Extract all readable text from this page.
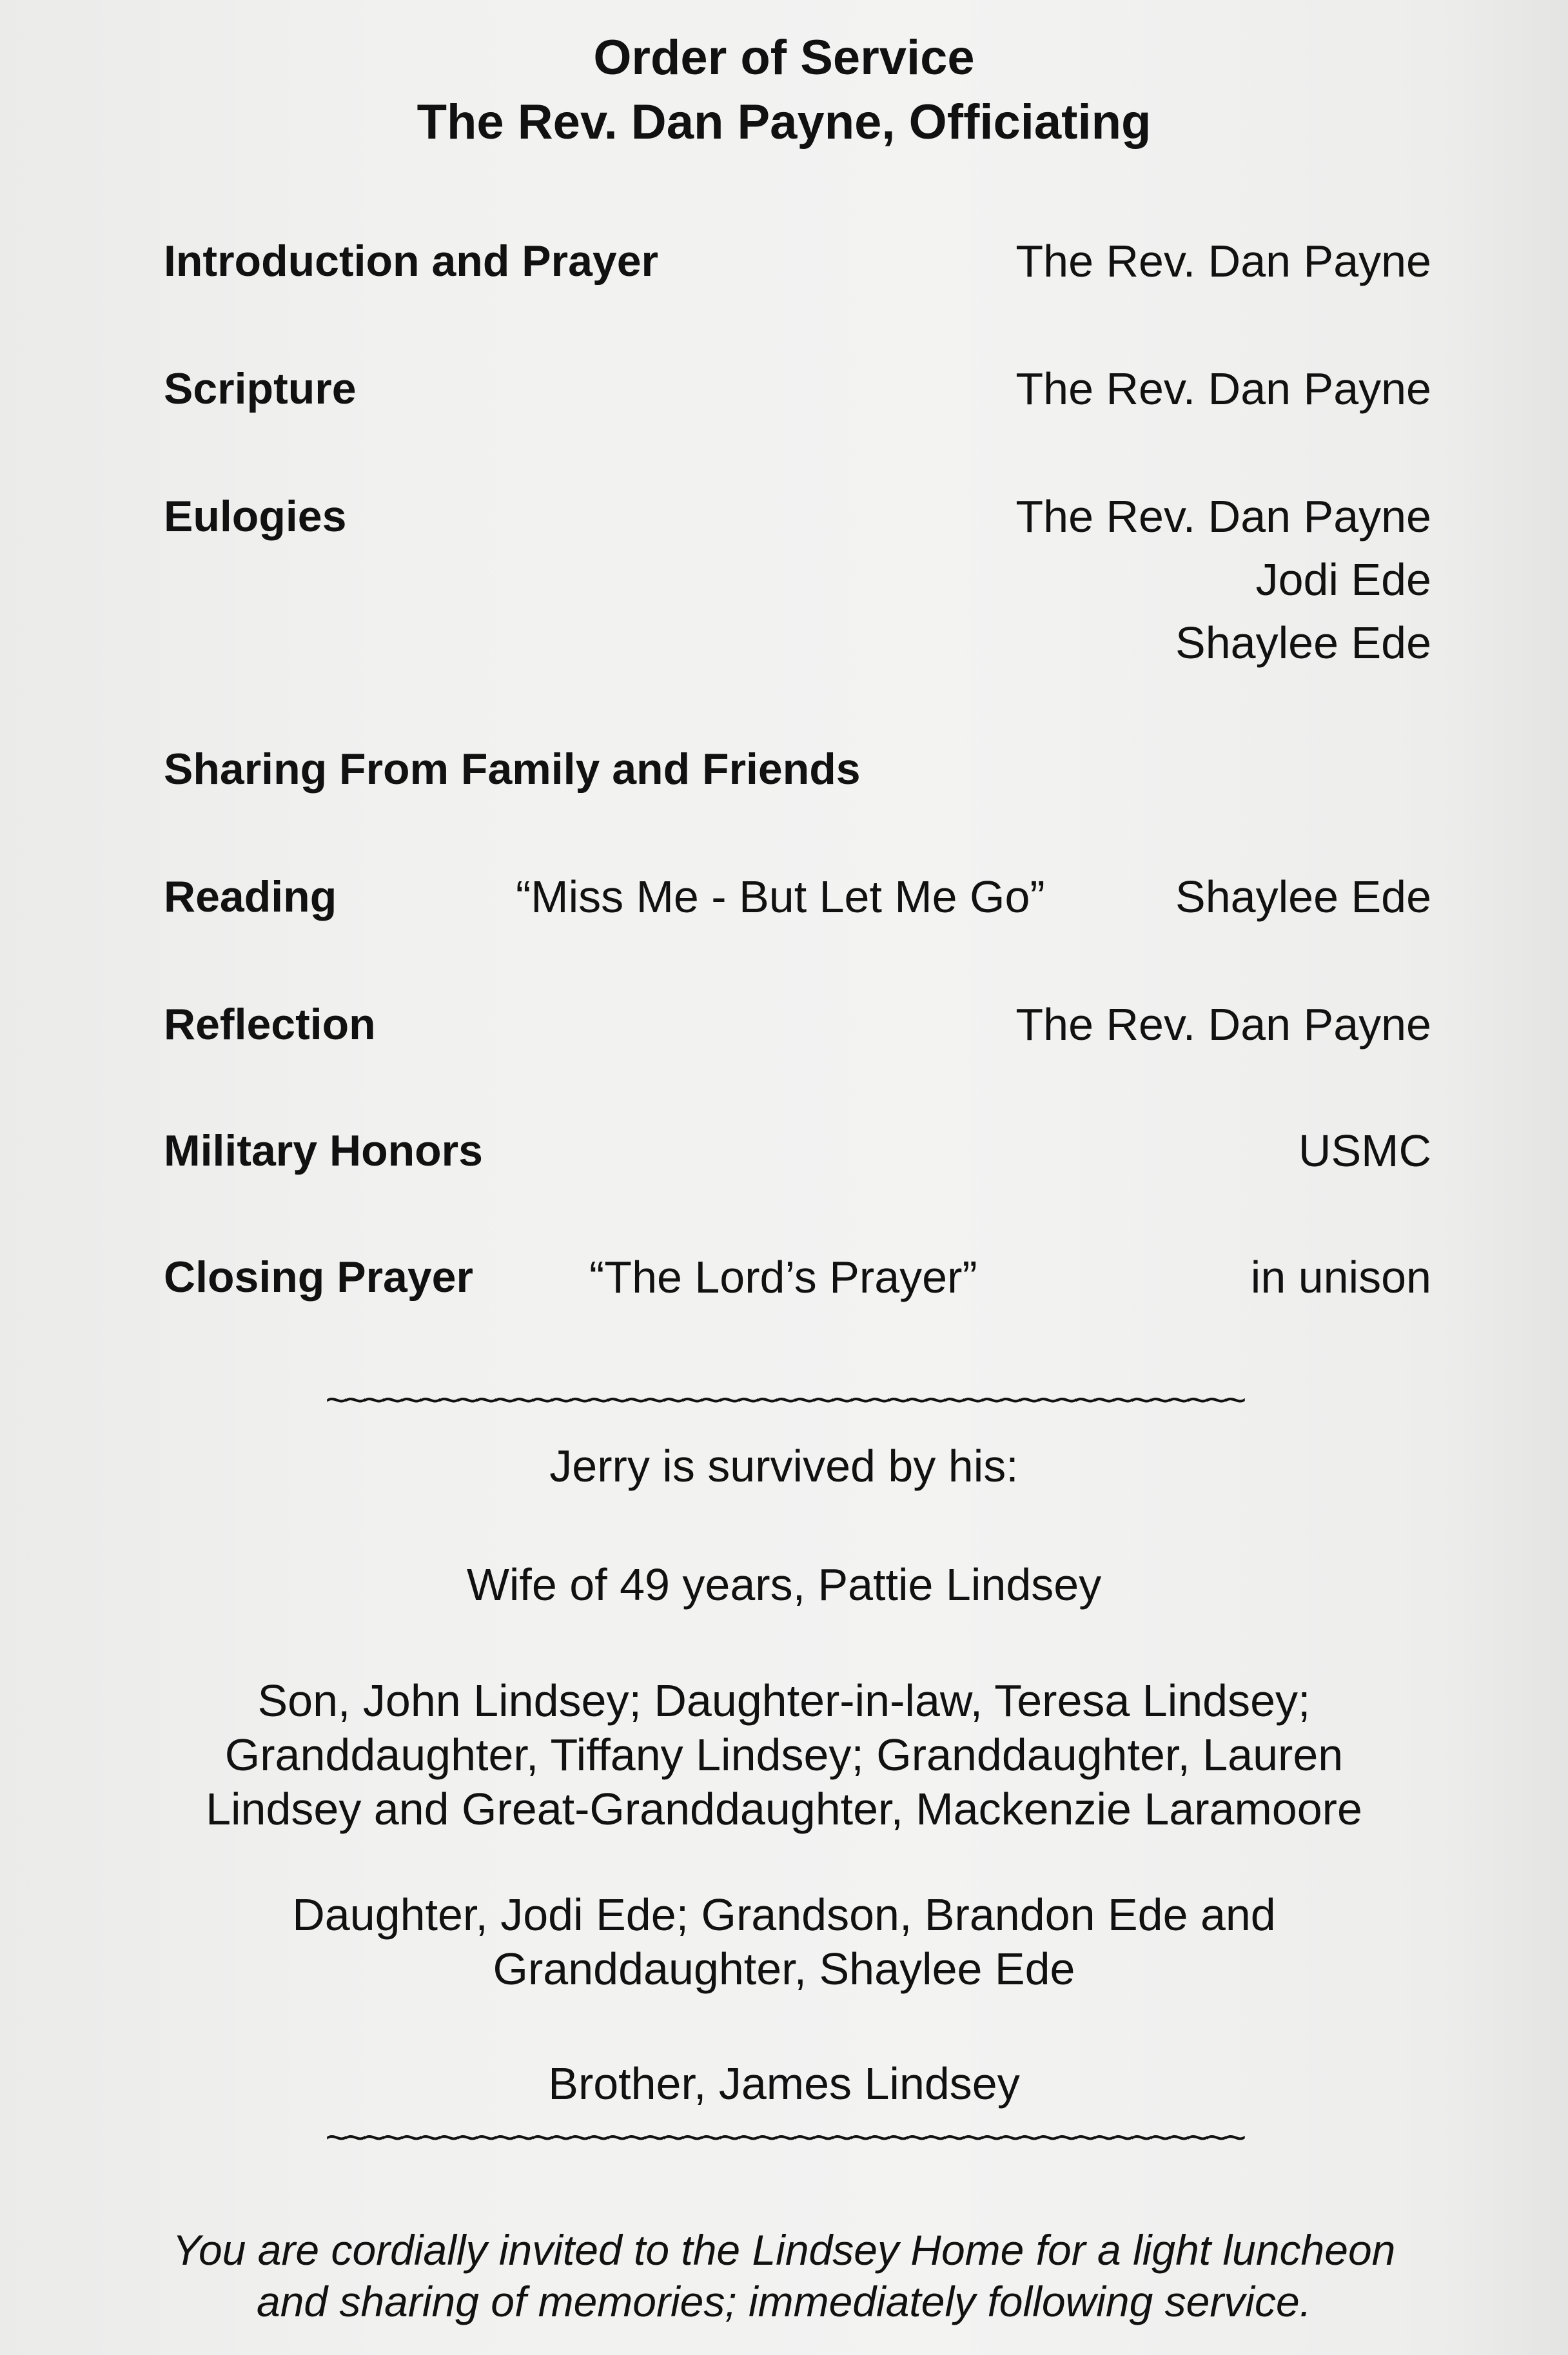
Order of Service
The Rev. Dan Payne, Officiating
Introduction and Prayer	The Rev. Dan Payne
Scripture	The Rev. Dan Payne
Eulogies	The Rev. Dan Payne
Jodi Ede
Shaylee Ede
Sharing From Family and Friends
Reading	“Miss Me - But Let Me Go”	Shaylee Ede
Reflection	The Rev. Dan Payne
Military Honors	USMC
Closing Prayer	“The Lord’s Prayer”	in unison
~~~~~~~~~~~~~~~~~~~~~~~~~~~~~~~~~~~~~~~~~~~~~~~~~
Jerry is survived by his:
Wife of 49 years, Pattie Lindsey
Son, John Lindsey; Daughter-in-law, Teresa Lindsey;
Granddaughter, Tiffany Lindsey; Granddaughter, Lauren
Lindsey and Great-Granddaughter, Mackenzie Laramoore
Daughter, Jodi Ede; Grandson, Brandon Ede and
Granddaughter, Shaylee Ede
Brother, James Lindsey
~~~~~~~~~~~~~~~~~~~~~~~~~~~~~~~~~~~~~~~~~~~~~~~~~
You are cordially invited to the Lindsey Home for a light luncheon
and sharing of memories; immediately following service.
